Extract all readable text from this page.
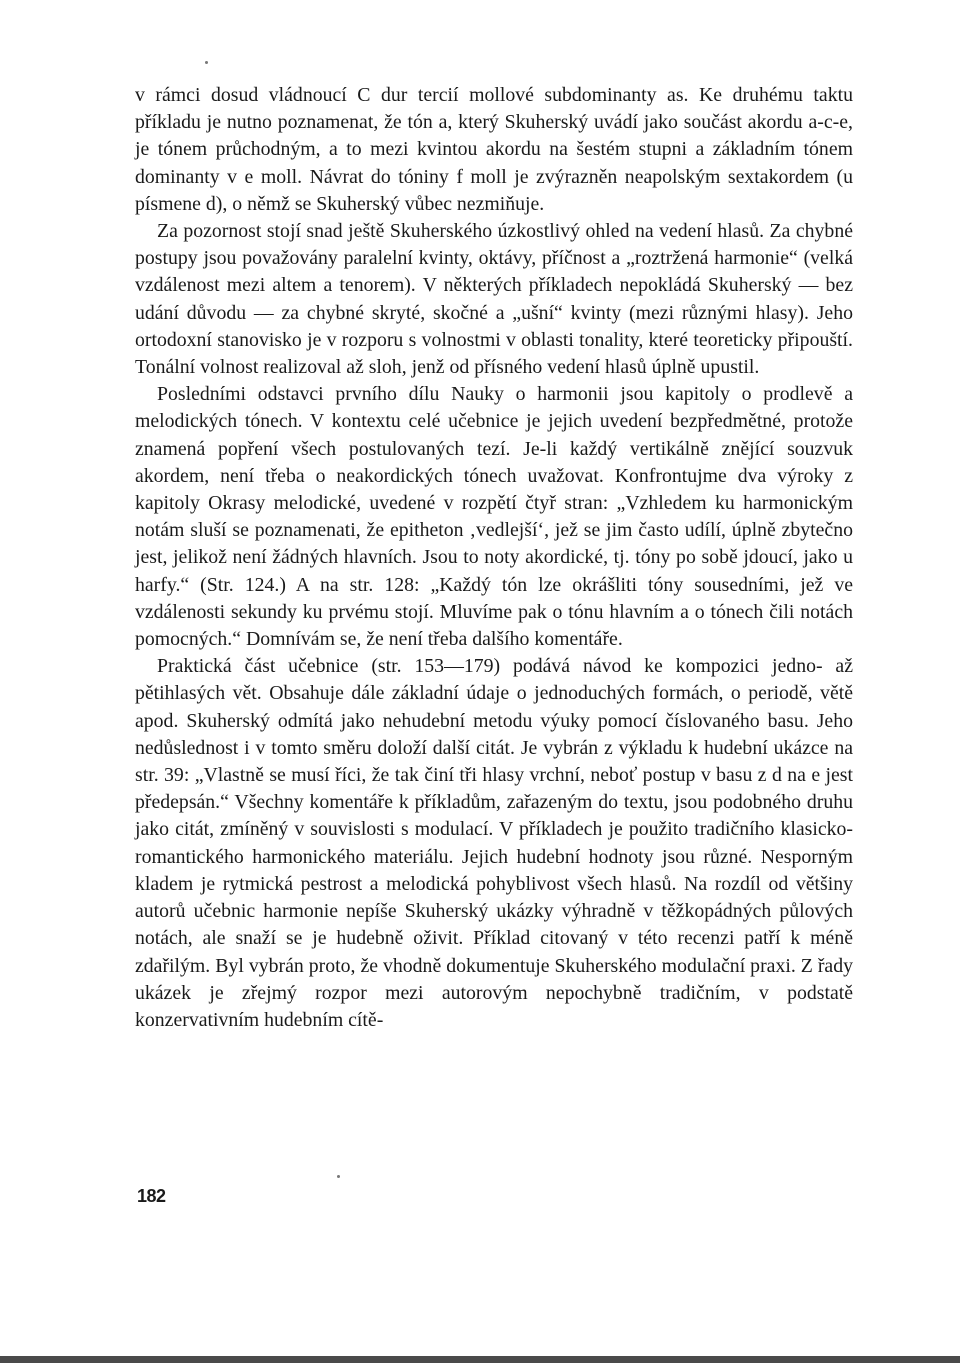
v rámci dosud vládnoucí C dur tercií mollové subdominanty as. Ke druhému taktu příkladu je nutno poznamenat, že tón a, který Skuherský uvádí jako součást akordu a-c-e, je tónem průchodným, a to mezi kvintou akordu na šestém stupni a základním tónem dominanty v e moll. Návrat do tóniny f moll je zvýrazněn neapolským sextakordem (u písmene d), o němž se Skuherský vůbec nezmiňuje.

Za pozornost stojí snad ještě Skuherského úzkostlivý ohled na vedení hlasů. Za chybné postupy jsou považovány paralelní kvinty, oktávy, příčnost a „roztržená harmonie“ (velká vzdálenost mezi altem a tenorem). V některých příkladech nepokládá Skuherský — bez udání důvodu — za chybné skryté, skočné a „ušní“ kvinty (mezi různými hlasy). Jeho ortodoxní stanovisko je v rozporu s volnostmi v oblasti tonality, které teoreticky připouští. Tonální volnost realizoval až sloh, jenž od přísného vedení hlasů úplně upustil.

Posledními odstavci prvního dílu Nauky o harmonii jsou kapitoly o prodlevě a melodických tónech. V kontextu celé učebnice je jejich uvedení bezpředmětné, protože znamená popření všech postulovaných tezí. Je-li každý vertikálně znějící souzvuk akordem, není třeba o neakordických tónech uvažovat. Konfrontujme dva výroky z kapitoly Okrasy melodické, uvedené v rozpětí čtyř stran: „Vzhledem ku harmonickým notám sluší se poznamenati, že epitheton ‚vedlejší‘, jež se jim často udílí, úplně zbytečno jest, jelikož není žádných hlavních. Jsou to noty akordické, tj. tóny po sobě jdoucí, jako u harfy.“ (Str. 124.) A na str. 128: „Každý tón lze okrášliti tóny sousedními, jež ve vzdálenosti sekundy ku prvému stojí. Mluvíme pak o tónu hlavním a o tónech čili notách pomocných.“ Domnívám se, že není třeba dalšího komentáře.

Praktická část učebnice (str. 153—179) podává návod ke kompozici jedno- až pětihlasých vět. Obsahuje dále základní údaje o jednoduchých formách, o periodě, větě apod. Skuherský odmítá jako nehudební metodu výuky pomocí číslovaného basu. Jeho nedůslednost i v tomto směru doloží další citát. Je vybrán z výkladu k hudební ukázce na str. 39: „Vlastně se musí říci, že tak činí tři hlasy vrchní, neboť postup v basu z d na e jest předepsán.“ Všechny komentáře k příkladům, zařazeným do textu, jsou podobného druhu jako citát, zmíněný v souvislosti s modulací. V příkladech je použito tradičního klasicko-romantického harmonického materiálu. Jejich hudební hodnoty jsou různé. Nesporným kladem je rytmická pestrost a melodická pohyblivost všech hlasů. Na rozdíl od většiny autorů učebnic harmonie nepíše Skuherský ukázky výhradně v těžkopádných půlových notách, ale snaží se je hudebně oživit. Příklad citovaný v této recenzi patří k méně zdařilým. Byl vybrán proto, že vhodně dokumentuje Skuherského modulační praxi. Z řady ukázek je zřejmý rozpor mezi autorovým nepochybně tradičním, v podstatě konzervativním hudebním cítě-

182
